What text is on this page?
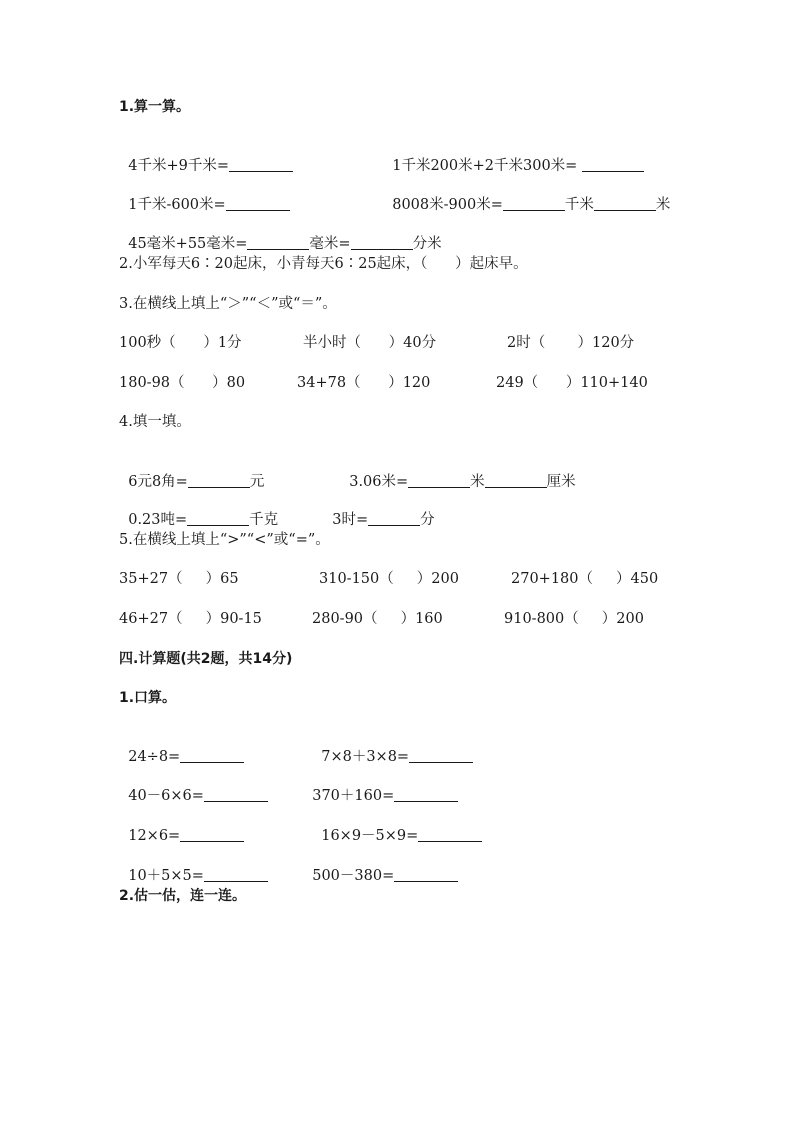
1.算一算。

4千米+9千米=	1千米200米+2千米300米=

1千米-600米=	8008米-900米=	千米	米

45毫米+55毫米=	毫米=	分米

2.小军每天6∶20起床，小青每天6∶25起床，（      ）起床早。
3.在横线上填上“＞”“＜”或“＝”。
100秒（      ）1分	半小时（      ）40分	2时（       ）120分
180-98（      ）80	34+78（      ）120	249（      ）110+140
4.填一填。

6元8角=	元	3.06米=	米	厘米

0.23吨=	千克	3时=	分

5.在横线上填上“>”“<”或“=”。
35+27（     ）65	310-150（     ）200	270+180（     ）450
46+27（     ）90-15	280-90（     ）160	910-800（     ）200
四.计算题(共2题，共14分)
1.口算。

24÷8=	7×8＋3×8=

40－6×6=	370＋160=

12×6=	16×9－5×9=

10＋5×5=	500－380=

2.估一估，连一连。
